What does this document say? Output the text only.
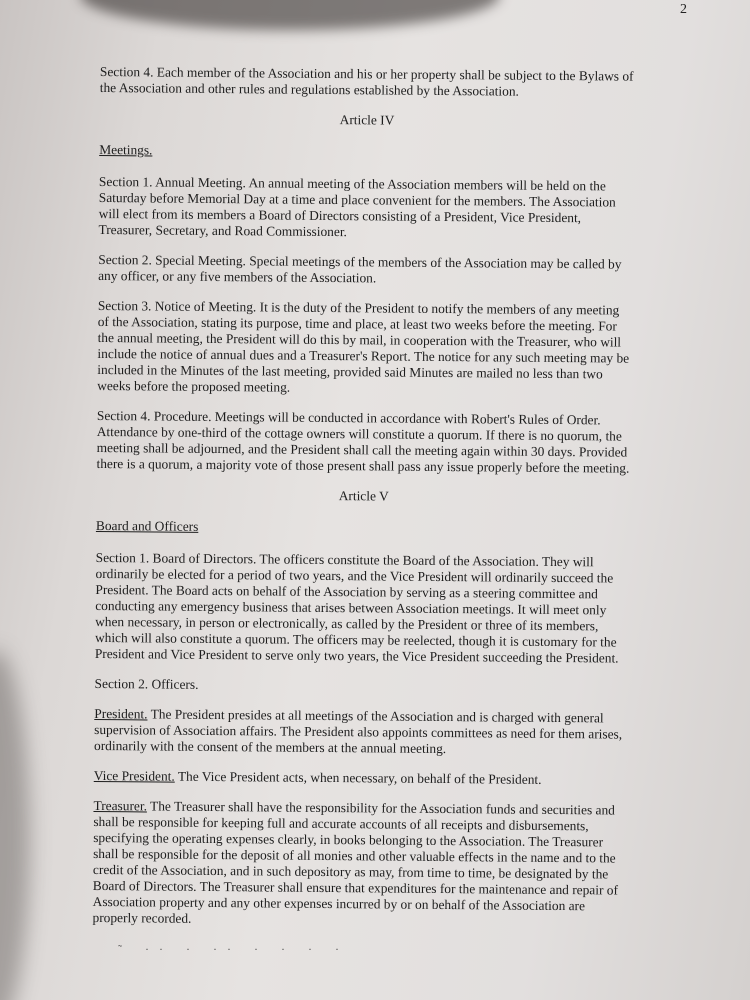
2

Section 4. Each member of the Association and his or her property shall be subject to the Bylaws of the Association and other rules and regulations established by the Association.

Article IV

Meetings.

Section 1. Annual Meeting. An annual meeting of the Association members will be held on the Saturday before Memorial Day at a time and place convenient for the members. The Association will elect from its members a Board of Directors consisting of a President, Vice President, Treasurer, Secretary, and Road Commissioner.

Section 2. Special Meeting. Special meetings of the members of the Association may be called by any officer, or any five members of the Association.

Section 3. Notice of Meeting. It is the duty of the President to notify the members of any meeting of the Association, stating its purpose, time and place, at least two weeks before the meeting. For the annual meeting, the President will do this by mail, in cooperation with the Treasurer, who will include the notice of annual dues and a Treasurer's Report. The notice for any such meeting may be included in the Minutes of the last meeting, provided said Minutes are mailed no less than two weeks before the proposed meeting.

Section 4. Procedure. Meetings will be conducted in accordance with Robert's Rules of Order. Attendance by one-third of the cottage owners will constitute a quorum. If there is no quorum, the meeting shall be adjourned, and the President shall call the meeting again within 30 days. Provided there is a quorum, a majority vote of those present shall pass any issue properly before the meeting.

Article V

Board and Officers

Section 1. Board of Directors. The officers constitute the Board of the Association. They will ordinarily be elected for a period of two years, and the Vice President will ordinarily succeed the President. The Board acts on behalf of the Association by serving as a steering committee and conducting any emergency business that arises between Association meetings. It will meet only when necessary, in person or electronically, as called by the President or three of its members, which will also constitute a quorum. The officers may be reelected, though it is customary for the President and Vice President to serve only two years, the Vice President succeeding the President.

Section 2. Officers.

President. The President presides at all meetings of the Association and is charged with general supervision of Association affairs. The President also appoints committees as need for them arises, ordinarily with the consent of the members at the annual meeting.

Vice President. The Vice President acts, when necessary, on behalf of the President.

Treasurer. The Treasurer shall have the responsibility for the Association funds and securities and shall be responsible for keeping full and accurate accounts of all receipts and disbursements, specifying the operating expenses clearly, in books belonging to the Association. The Treasurer shall be responsible for the deposit of all monies and other valuable effects in the name and to the credit of the Association, and in such depository as may, from time to time, be designated by the Board of Directors. The Treasurer shall ensure that expenditures for the maintenance and repair of Association property and any other expenses incurred by or on behalf of the Association are properly recorded.

˜ ·· · ·· · · · ·
